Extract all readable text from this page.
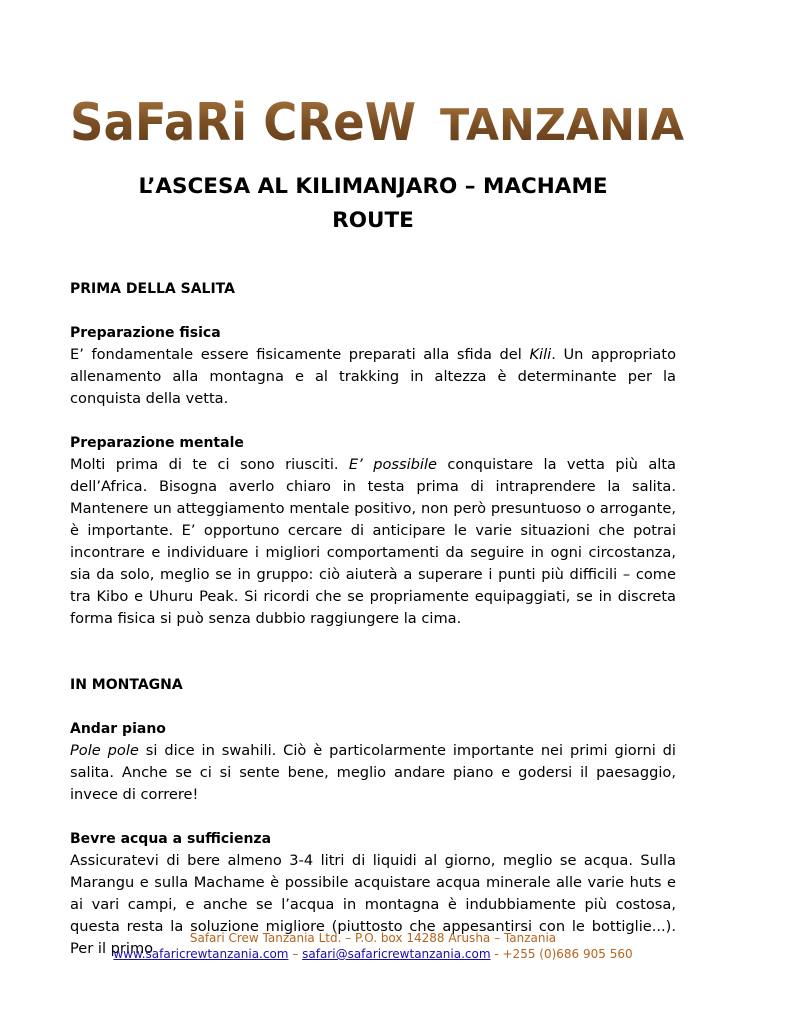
SaFaRi CReW TANZANIA
L’ASCESA AL KILIMANJARO – MACHAME
ROUTE
PRIMA DELLA SALITA
Preparazione fisica

E’ fondamentale essere fisicamente preparati alla sfida del Kili. Un appropriato allenamento alla montagna e al trakking in altezza è determinante per la conquista della vetta.

Preparazione mentale

Molti prima di te ci sono riusciti. E’ possibile conquistare la vetta più alta dell’Africa. Bisogna averlo chiaro in testa prima di intraprendere la salita. Mantenere un atteggiamento mentale positivo, non però presuntuoso o arrogante, è importante. E’ opportuno cercare di anticipare le varie situazioni che potrai incontrare e individuare i migliori comportamenti da seguire in ogni circostanza, sia da solo, meglio se in gruppo: ciò aiuterà a superare i punti più difficili – come tra Kibo e Uhuru Peak. Si ricordi che se propriamente equipaggiati, se in discreta forma fisica si può senza dubbio raggiungere la cima.

IN MONTAGNA
Andar piano

Pole pole si dice in swahili. Ciò è particolarmente importante nei primi giorni di salita. Anche se ci si sente bene, meglio andare piano e godersi il paesaggio, invece di correre!

Bevre acqua a sufficienza

Assicuratevi di bere almeno 3-4 litri di liquidi al giorno, meglio se acqua. Sulla Marangu e sulla Machame è possibile acquistare acqua minerale alle varie huts e ai vari campi, e anche se l’acqua in montagna è indubbiamente più costosa, questa resta la soluzione migliore (piuttosto che appesantirsi con le bottiglie...). Per il primo

Safari Crew Tanzania Ltd. – P.O. box 14288 Arusha – Tanzania
www.safaricrewtanzania.com – safari@safaricrewtanzania.com - +255 (0)686 905 560
